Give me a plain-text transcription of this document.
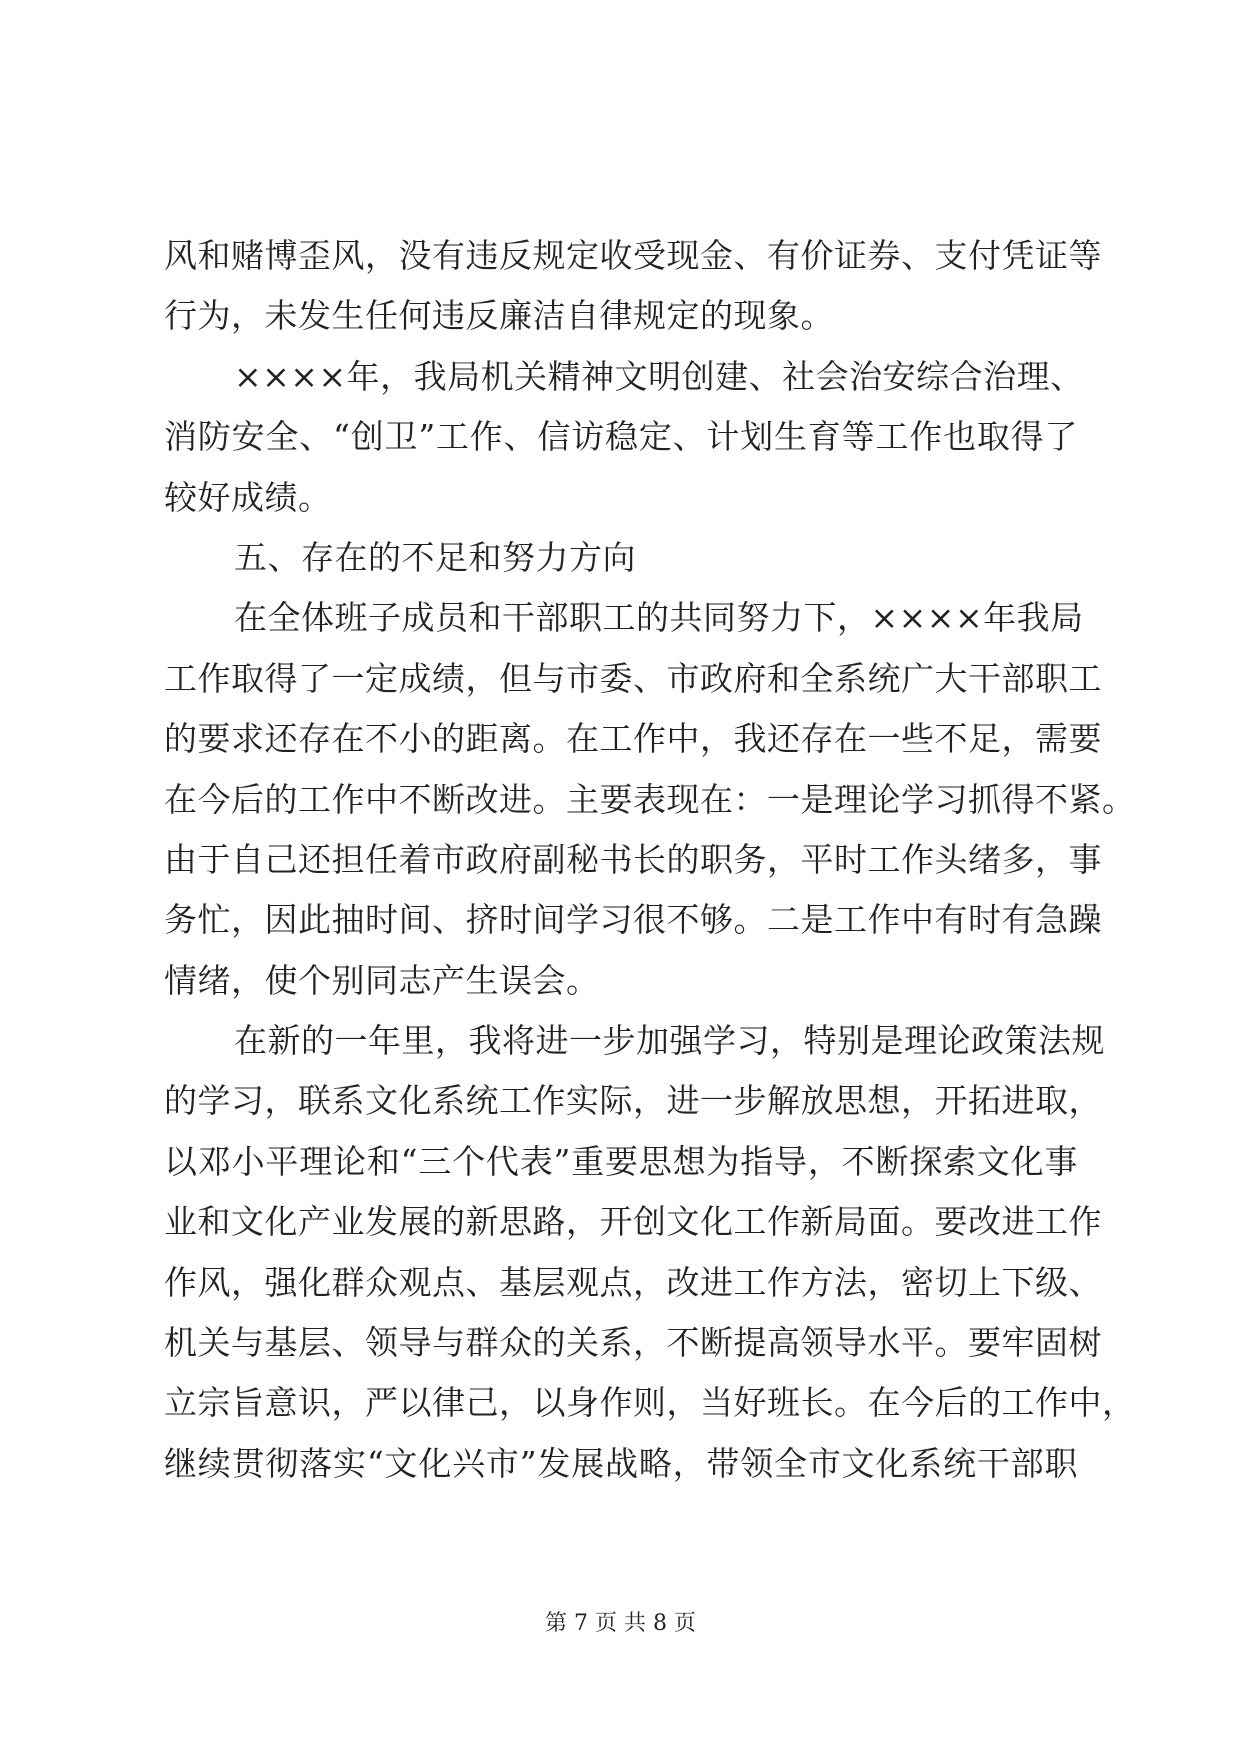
风和赌博歪风，没有违反规定收受现金、有价证券、支付凭证等
行为，未发生任何违反廉洁自律规定的现象。
××××年，我局机关精神文明创建、社会治安综合治理、
消防安全、“创卫”工作、信访稳定、计划生育等工作也取得了
较好成绩。
五、存在的不足和努力方向
在全体班子成员和干部职工的共同努力下，××××年我局
工作取得了一定成绩，但与市委、市政府和全系统广大干部职工
的要求还存在不小的距离。在工作中，我还存在一些不足，需要
在今后的工作中不断改进。主要表现在：一是理论学习抓得不紧。
由于自己还担任着市政府副秘书长的职务，平时工作头绪多，事
务忙，因此抽时间、挤时间学习很不够。二是工作中有时有急躁
情绪，使个别同志产生误会。
在新的一年里，我将进一步加强学习，特别是理论政策法规
的学习，联系文化系统工作实际，进一步解放思想，开拓进取，
以邓小平理论和“三个代表”重要思想为指导，不断探索文化事
业和文化产业发展的新思路，开创文化工作新局面。要改进工作
作风，强化群众观点、基层观点，改进工作方法，密切上下级、
机关与基层、领导与群众的关系，不断提高领导水平。要牢固树
立宗旨意识，严以律己，以身作则，当好班长。在今后的工作中，
继续贯彻落实“文化兴市”发展战略，带领全市文化系统干部职
第 7 页 共 8 页
